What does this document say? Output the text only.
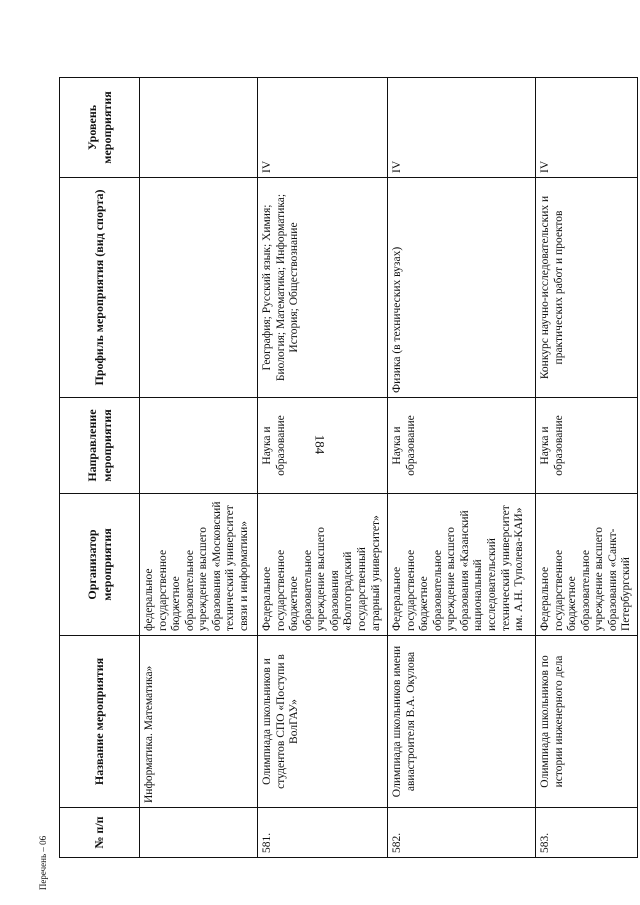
184
Перечень – 06
№ п/п	Название мероприятия	Организатор мероприятия	Направление мероприятия	Профиль мероприятия (вид спорта)	Уровень мероприятия
	Информатика. Математика»	федеральное государственное бюджетное образовательное учреждение высшего образования «Московский технический университет связи и информатики»			
581.	Олимпиада школьников и студентов СПО «Поступи в ВолГАУ»	Федеральное государственное бюджетное образовательное учреждение высшего образования «Волгоградский государственный аграрный университет»	Наука и образование	География; Русский язык; Химия; Биология; Математика; Информатика; История; Обществознание	IV
582.	Олимпиада школьников имени авиастроителя В.А. Окулова	Федеральное государственное бюджетное образовательное учреждение высшего образования «Казанский национальный исследовательский технический университет им. А.Н. Туполева-КАИ»	Наука и образование	Физика (в технических вузах)	IV
583.	Олимпиада школьников по истории инженерного дела	Федеральное государственное бюджетное образовательное учреждение высшего образования «Санкт-Петербургский	Наука и образование	Конкурс научно-исследовательских и практических работ и проектов	IV
